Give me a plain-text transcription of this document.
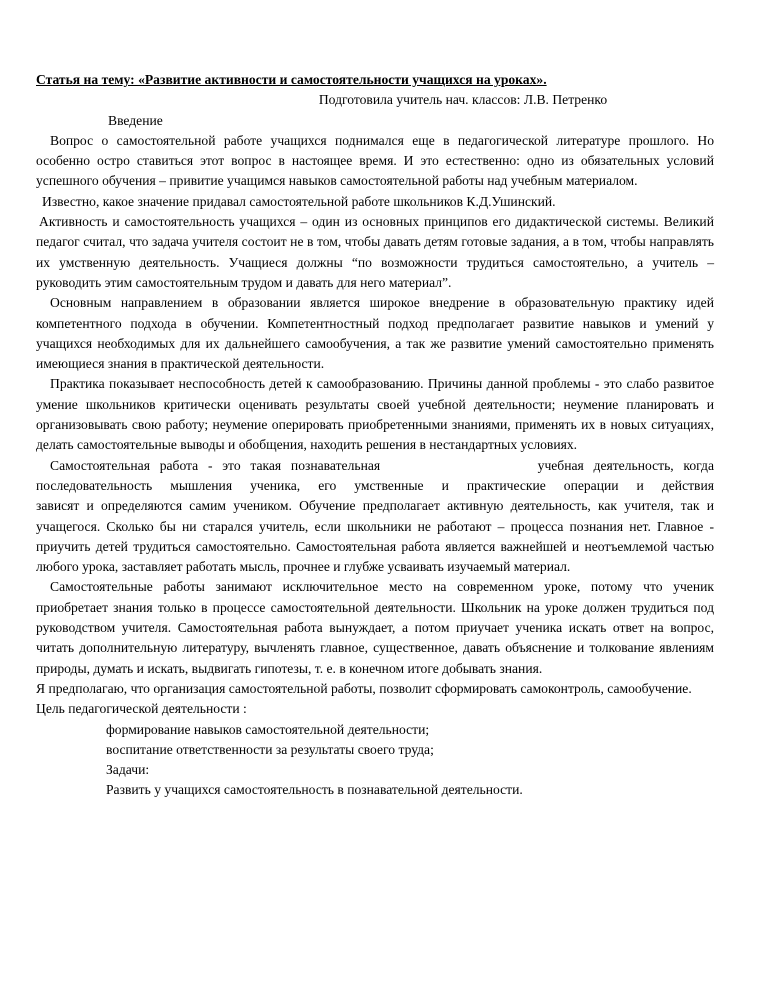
Статья на тему: «Развитие активности и самостоятельности учащихся на уроках».
Подготовила учитель нач. классов: Л.В. Петренко
Введение

Вопрос о самостоятельной работе учащихся поднимался еще в педагогической литературе прошлого. Но особенно остро ставиться этот вопрос в настоящее время. И это естественно: одно из обязательных условий успешного обучения – привитие учащимся навыков самостоятельной работы над учебным материалом.

Известно, какое значение придавал самостоятельной работе школьников К.Д.Ушинский.

Активность и самостоятельность учащихся – один из основных принципов его дидактической системы. Великий педагог считал, что задача учителя состоит не в том, чтобы давать детям готовые задания, а в том, чтобы направлять их умственную деятельность. Учащиеся должны “по возможности трудиться самостоятельно, а учитель – руководить этим самостоятельным трудом и давать для него материал”.

Основным направлением в образовании является широкое внедрение в образовательную практику идей компетентного подхода в обучении. Компетентностный подход предполагает развитие навыков и умений у учащихся необходимых для их дальнейшего самообучения, а так же развитие умений самостоятельно применять имеющиеся знания в практической деятельности.

Практика показывает неспособность детей к самообразованию. Причины данной проблемы - это слабо развитое умение школьников критически оценивать результаты своей учебной деятельности; неумение планировать и организовывать свою работу; неумение оперировать приобретенными знаниями, применять их в новых ситуациях, делать самостоятельные выводы и обобщения, находить решения в нестандартных условиях.

Самостоятельная работа - это такая познавательная	учебная деятельность, когда
последовательность мышления ученика, его умственные и практические операции и действия

зависят и определяются самим учеником. Обучение предполагает активную деятельность, как учителя, так и учащегося. Сколько бы ни старался учитель, если школьники не работают – процесса познания нет. Главное - приучить детей трудиться самостоятельно. Самостоятельная работа является важнейшей и неотъемлемой частью любого урока, заставляет работать мысль, прочнее и глубже усваивать изучаемый материал.

Самостоятельные работы занимают исключительное место на современном уроке, потому что ученик приобретает знания только в процессе самостоятельной деятельности. Школьник на уроке должен трудиться под руководством учителя. Самостоятельная работа вынуждает, а потом приучает ученика искать ответ на вопрос, читать дополнительную литературу, вычленять главное, существенное, давать объяснение и толкование явлениям природы, думать и искать, выдвигать гипотезы, т. е. в конечном итоге добывать знания.

Я предполагаю, что организация самостоятельной работы, позволит сформировать самоконтроль, самообучение.

Цель педагогической деятельности :
формирование навыков самостоятельной деятельности;
воспитание ответственности за результаты своего труда;
Задачи:
Развить у учащихся самостоятельность в познавательной деятельности.
